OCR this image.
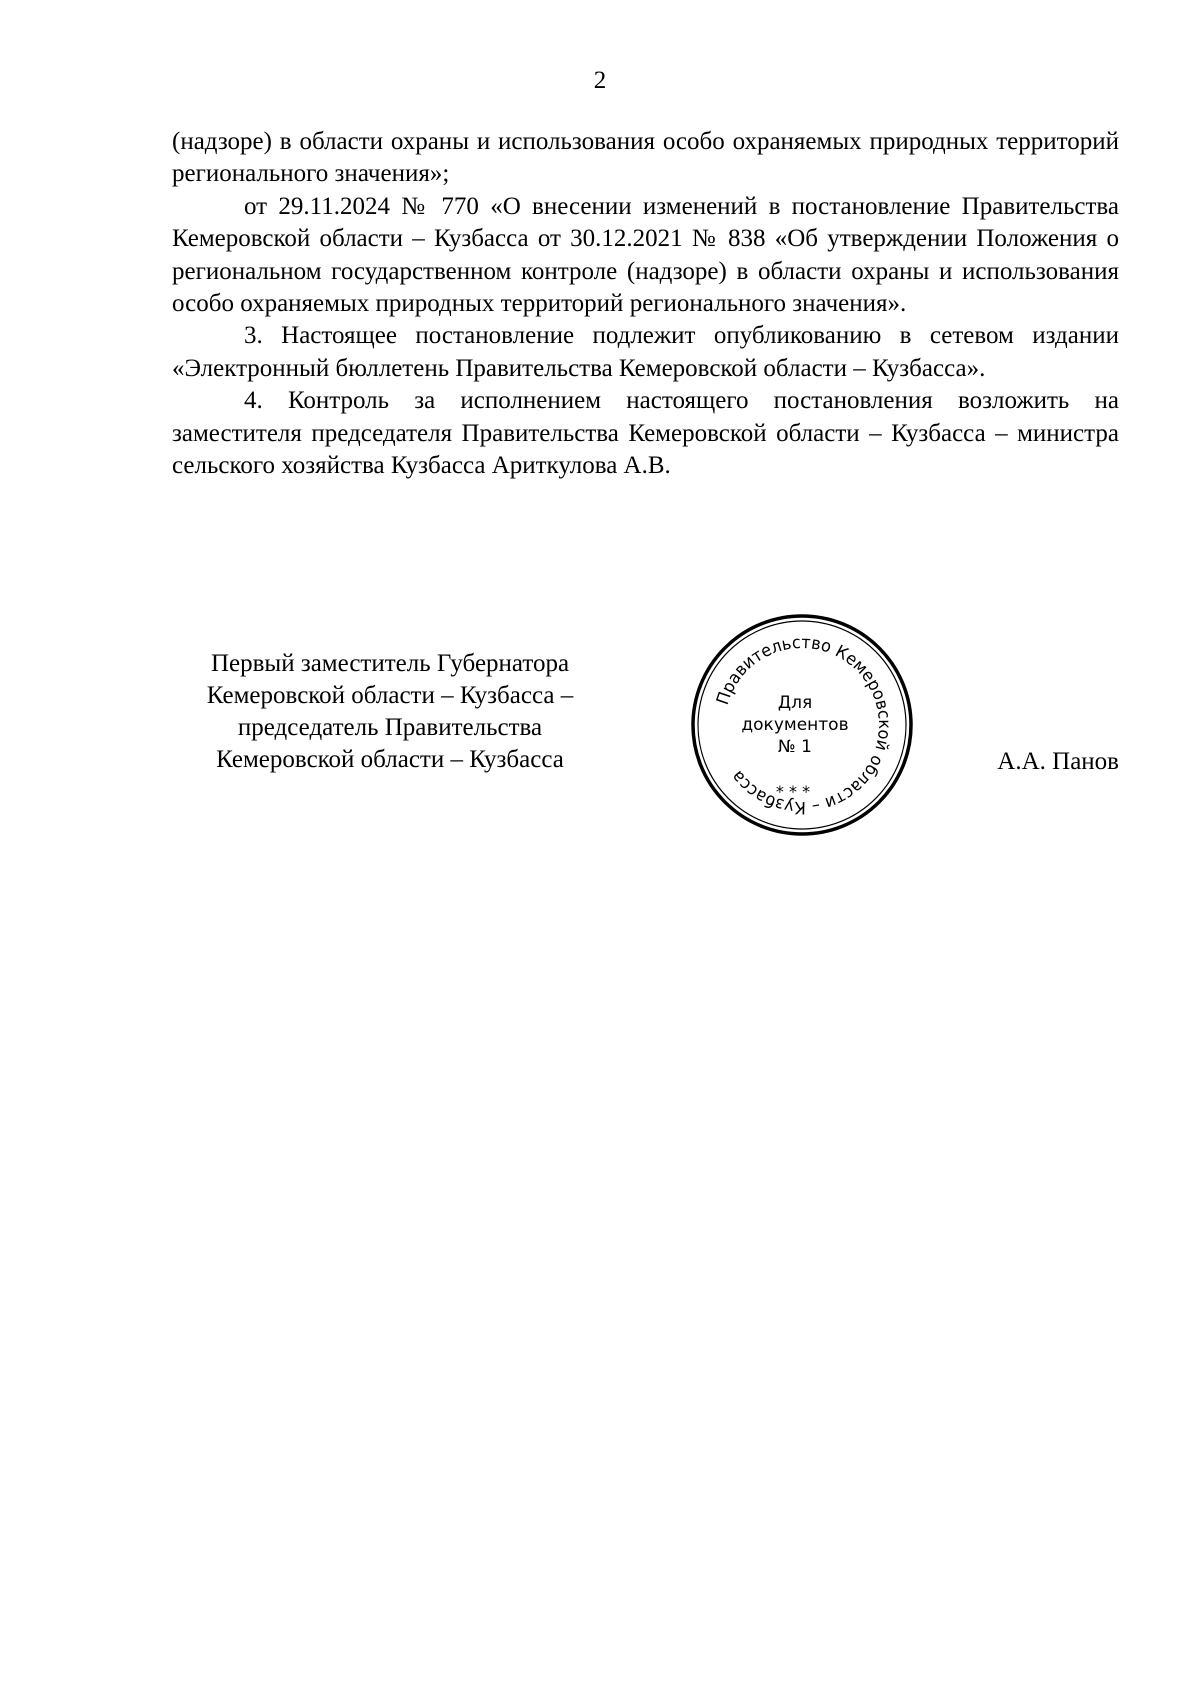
2

(надзоре) в области охраны и использования особо охраняемых природных территорий регионального значения»;

от 29.11.2024 № 770 «О внесении изменений в постановление Правительства Кемеровской области – Кузбасса от 30.12.2021 № 838 «Об утверждении Положения о региональном государственном контроле (надзоре) в области охраны и использования особо охраняемых природных территорий регионального значения».

3. Настоящее постановление подлежит опубликованию в сетевом издании «Электронный бюллетень Правительства Кемеровской области – Кузбасса».

4. Контроль за исполнением настоящего постановления возложить на заместителя председателя Правительства Кемеровской области – Кузбасса – министра сельского хозяйства Кузбасса Ариткулова А.В.

Первый заместитель Губернатора
Кемеровской области – Кузбасса –
председатель Правительства
Кемеровской области – Кузбасса
Правительство Кемеровской области – Кузбасса
* * *
Для
документов
№ 1
А.А. Панов
